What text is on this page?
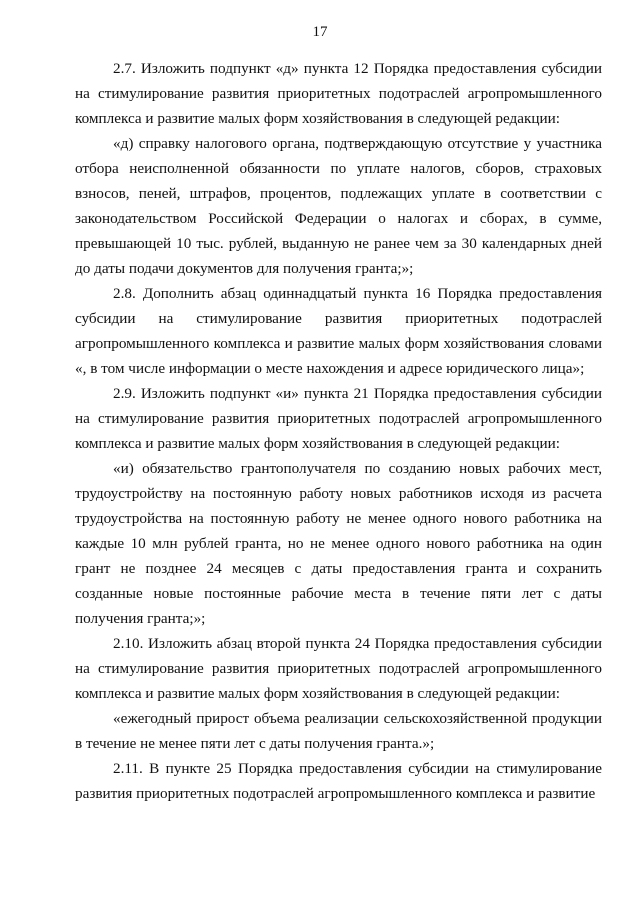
17

2.7. Изложить подпункт «д» пункта 12 Порядка предоставления субсидии на стимулирование развития приоритетных подотраслей агропромышленного комплекса и развитие малых форм хозяйствования в следующей редакции:

«д) справку налогового органа, подтверждающую отсутствие у участника отбора неисполненной обязанности по уплате налогов, сборов, страховых взносов, пеней, штрафов, процентов, подлежащих уплате в соответствии с законодательством Российской Федерации о налогах и сборах, в сумме, превышающей 10 тыс. рублей, выданную не ранее чем за 30 календарных дней до даты подачи документов для получения гранта;»;

2.8. Дополнить абзац одиннадцатый пункта 16 Порядка предоставления субсидии на стимулирование развития приоритетных подотраслей агропромышленного комплекса и развитие малых форм хозяйствования словами «, в том числе информации о месте нахождения и адресе юридического лица»;

2.9. Изложить подпункт «и» пункта 21 Порядка предоставления субсидии на стимулирование развития приоритетных подотраслей агропромышленного комплекса и развитие малых форм хозяйствования в следующей редакции:

«и) обязательство грантополучателя по созданию новых рабочих мест, трудоустройству на постоянную работу новых работников исходя из расчета трудоустройства на постоянную работу не менее одного нового работника на каждые 10 млн рублей гранта, но не менее одного нового работника на один грант не позднее 24 месяцев с даты предоставления гранта и сохранить созданные новые постоянные рабочие места в течение пяти лет с даты получения гранта;»;

2.10. Изложить абзац второй пункта 24 Порядка предоставления субсидии на стимулирование развития приоритетных подотраслей агропромышленного комплекса и развитие малых форм хозяйствования в следующей редакции:

«ежегодный прирост объема реализации сельскохозяйственной продукции в течение не менее пяти лет с даты получения гранта.»;

2.11. В пункте 25 Порядка предоставления субсидии на стимулирование развития приоритетных подотраслей агропромышленного комплекса и развитие
